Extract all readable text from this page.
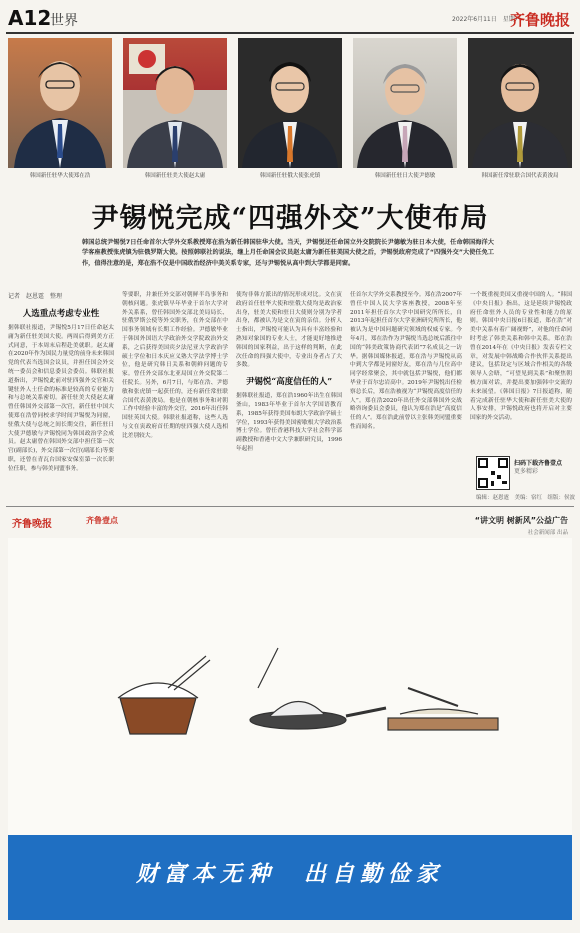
A12
世界	2022年6月11日　星期六
齐鲁晚报
韩国新任驻华大使郑在浩	韩国新任驻美大使赵太庸	韩国新任驻俄大使张虎镇	韩国新任驻日大使尹德敏	韩国新任常驻联合国代表黄浚局
尹锡悦完成“四强外交”大使布局
韩国总统尹锡悦7日任命首尔大学外交系教授郑在浩为新任韩国驻华大使。当天，尹锡悦还任命国立外交院院长尹德敏为驻日本大使，任命韩国海洋大学客座教授张虎镇为驻俄罗斯大使。按照韩联社的说法，继上月任命国会议员赵太庸为新任驻美国大使之后，尹锡悦政府完成了“四强外交”大使任免工作，值得注意的是，郑在浩不仅是中国政治经济中美关系专家，还与尹锡悦从高中到大学都是同窗。
记者　赵恩霆　整理
人选重点考虑专业性
据韩联社报道，尹锡悦5月17日任命赵太庸为新任驻美国大使。两周后得到美方正式同意，于本周末启程赴美就职。赵太庸在2020年作为国民力量党的前身未来韩国党的代表当选国会议员，并担任国会外交统一委员会和信息委员会委员。韩联社报道指出，尹锡悦此前对驻四强外交官和关键驻外人士任命的标准是较高的专业能力和与总统关系密切。新任驻美大使赵太庸曾任韩国外交部第一次官，新任驻中国大使郑在浩曾同校求学时间尹锡悦为同窗，驻俄大使与总统之间长期交往，新任驻日大使尹德敏与尹锡悦同为韩国政治学会成员。赵太庸曾在韩国外交部中担任第一次官(副部长)，外交部第一次官(副部长)等要职，还曾在青瓦台国家安保室第一次长职位任职，参与韩美同盟事务。
等要职，并兼任外交部对朝鲜半岛事务和朝核问题。张虎镇早年毕业于首尔大学对外关系系，曾任韩国外交部北美局局长、驻俄罗斯公使等外交职务，在外交部在中国事务领域有长期工作经验。尹德敏毕业于韩国外国语大学政治外交学院政治外交系，之后获得美国宾夕法尼亚大学政治学硕士学位和日本庆应义塾大学法学博士学位，他是研究韩日关系和朝鲜问题的专家。曾任外交部东北亚局国立外交院第二任院长。另外，6月7日，与郑在浩、尹德敏和张虎镇一起获任的，还有新任常驻联合国代表黄浚局。他是在朝核事务和对朝工作中经验丰富的外交官，2016年出任韩国驻英国大使。韩联社报道称，这些人选与文在寅政府首任期的驻四强大使人选相比差别较大。
使均非韩方派出的情况形成对比。文在寅政府首任驻华大使和驻俄大使均是政治家出身，驻美大使和驻日大使则分别为学者出身，都被认为是文在寅的亲信。分析人士指出，尹锡悦可能认为具有丰富经验和熟知对象国的专业人士，才能更好地推进韩国的国家利益，出于这样的判断，在此次任命的四强大使中，专业出身者占了大多数。
尹锡悦“高度信任的人”
据韩联社报道，郑在浩1960年出生在韩国釜山，1983年毕业于首尔大学国语教育系，1985年获得美国布朗大学政治学硕士学位，1993年获得美国密歇根大学政治系博士学位。曾任香港科技大学社会科学部副教授和香港中文大学兼职研究员，1996年起担
任首尔大学外交系教授至今。郑在浩2007年曾任中国人民大学客座教授，2008年至2011年担任首尔大学中国研究所所长，自2013年起担任首尔大学亚洲研究所所长，他被认为是中国问题研究领域的权威专家。今年4月，郑在浩作为尹锡悦当选总统后派往中国的“韩美政策协商代表团”7名成员之一访华。据韩国媒体报道，郑在浩与尹锡悦从高中到大学都是同窗好友，郑在浩与几位高中同学经常聚会，其中就包括尹锡悦，他们都毕业于首尔忠岩高中。2019年尹锡悦出任检察总长后，郑在浩被视为“尹锡悦高度信任的人”。郑在浩2020年出任外交部韩国外交战略咨询委员会委员，他认为郑在浩是“高度信任的人”。郑在浩此前曾以主张韩美同盟重要性而闻名。
一个既重视美国又重视中国的人。“韩国《中央日报》指出，这是延续尹锡悦政府任命驻外人员的专业性和能力的原则。韩国中央日报6日报道，郑在浩“对美中关系有着广阔视野”，对他的任命同时考虑了韩美关系和韩中关系。郑在浩曾在2014年在《中央日报》发表专栏文章，对发展中韩战略合作伙伴关系提出建议，包括设定与区域合作相关的各级领导人会晤，“可望见到关系”和聚焦朝核方面对话，并提出要加强韩中交流的未来展望。《韩国日报》7日报道称，随着完成新任驻华大使和新任驻美大使的人事安排，尹锡悦政府也将开启对主要国家的外交活动。
扫码下载齐鲁壹点
更多精彩
编辑：赵恩霆　美编：宿红　组版：侯波
齐鲁晚报	齐鲁壹点	“讲文明 树新风”公益广告
社会新闻部 出品
财富本无种　出自勤俭家
